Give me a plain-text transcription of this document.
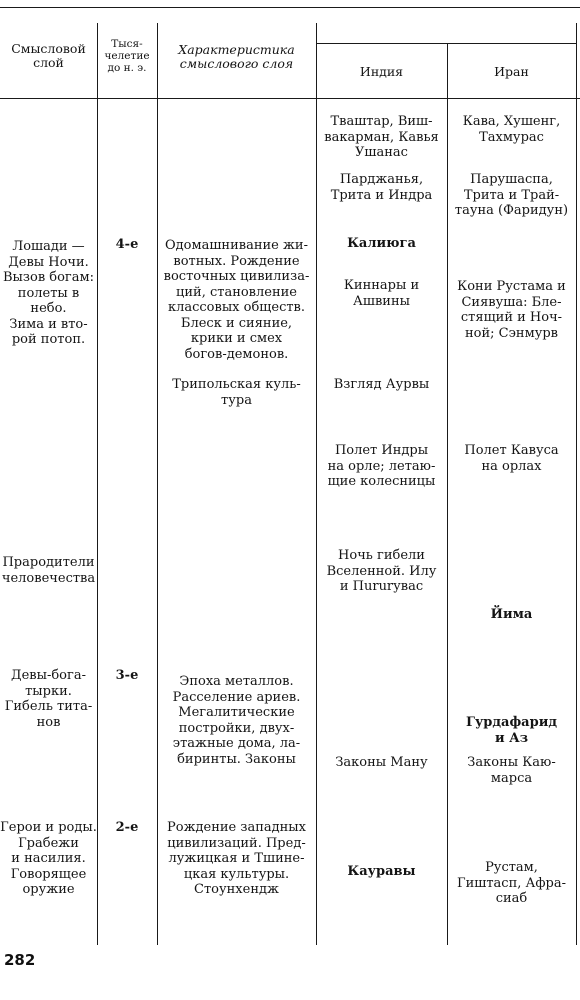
Смысловой
слой
Тыся-
челетие
до н. э.
Характеристика
смыслового слоя
Индия	Иран
Лошади —
Девы Ночи.
Вызов богам:
полеты в
небо.
Зима и вто-
рой потоп.
Прародители
человечества
Девы-бога-
тырки.
Гибель тита-
нов
Герои и роды.
Грабежи
и насилия.
Говорящее
оружие
4-е
3-е
2-е
Одомашнивание жи-
вотных. Рождение
восточных цивилиза-
ций, становление
классовых обществ.
Блеск и сияние,
крики и смех
богов-демонов.
Трипольская куль-
тура
Эпоха металлов.
Расселение ариев.
Мегалитические
постройки, двух-
этажные дома, ла-
биринты. Законы
Рождение западных
цивилизаций. Пред-
лужицкая и Тшине-
цкая культуры.
Стоунхендж
Тваштар, Виш-
вакарман, Кавья
Ушанас
Парджанья,
Трита и Индра
Калиюга
Киннары и
Ашвины
Взгляд Аурвы
Полет Индры
на орле; летаю-
щие колесницы
Ночь гибели
Вселенной. Илу
и Пururувас
Законы Ману
Кауравы
Кава, Хушенг,
Тахмурас
Парушаспа,
Трита и Трай-
тауна (Фаридун)
Кони Рустама и
Сиявуша: Бле-
стящий и Ноч-
ной; Сэнмурв
Полет Кавуса
на орлах
Йима
Гурдафарид
и Аз
Законы Каю-
марса
Рустам,
Гиштасп, Афра-
сиаб
282
